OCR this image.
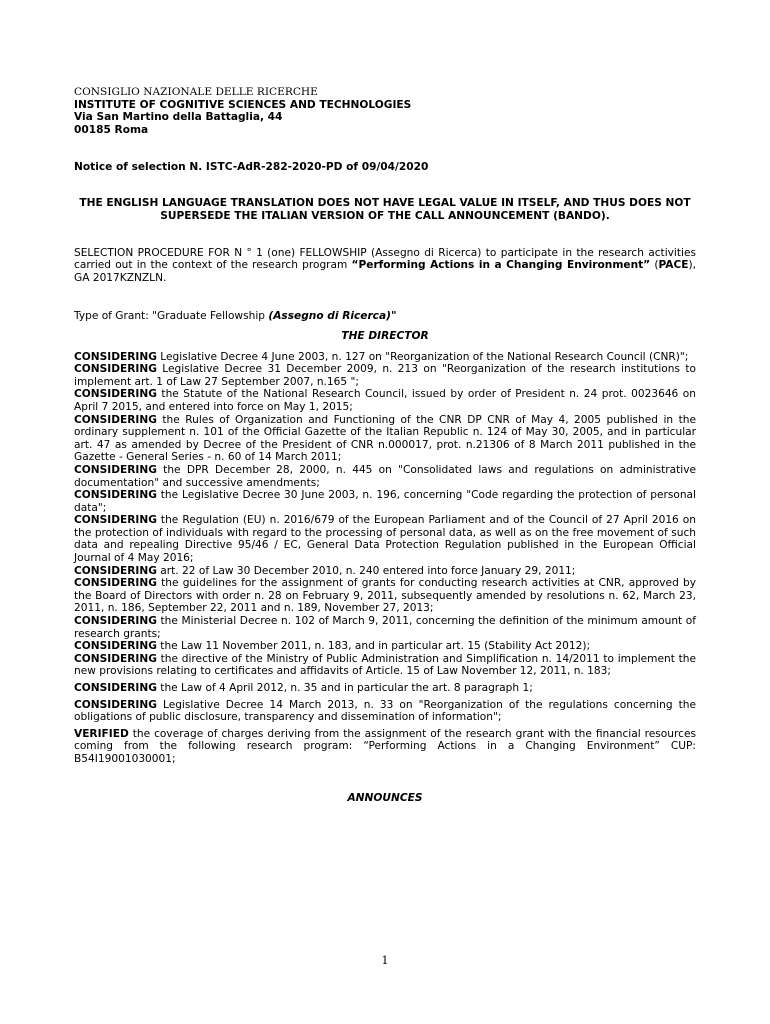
CONSIGLIO NAZIONALE DELLE RICERCHE
INSTITUTE OF COGNITIVE SCIENCES AND TECHNOLOGIES
Via San Martino della Battaglia, 44
00185 Roma
Notice of selection N. ISTC-AdR-282-2020-PD of 09/04/2020
THE ENGLISH LANGUAGE TRANSLATION DOES NOT HAVE LEGAL VALUE IN ITSELF, AND THUS DOES NOT SUPERSEDE THE ITALIAN VERSION OF THE CALL ANNOUNCEMENT (BANDO).
SELECTION PROCEDURE FOR N ° 1 (one) FELLOWSHIP (Assegno di Ricerca) to participate in the research activities carried out in the context of the research program “Performing Actions in a Changing Environment” (PACE), GA 2017KZNZLN.
Type of Grant: "Graduate Fellowship (Assegno di Ricerca)"
THE DIRECTOR

CONSIDERING Legislative Decree 4 June 2003, n. 127 on "Reorganization of the National Research Council (CNR)";

CONSIDERING Legislative Decree 31 December 2009, n. 213 on "Reorganization of the research institutions to implement art. 1 of Law 27 September 2007, n.165 ";

CONSIDERING the Statute of the National Research Council, issued by order of President n. 24 prot. 0023646 on April 7 2015, and entered into force on May 1, 2015;

CONSIDERING the Rules of Organization and Functioning of the CNR DP CNR of May 4, 2005 published in the ordinary supplement n. 101 of the Official Gazette of the Italian Republic n. 124 of May 30, 2005, and in particular art. 47 as amended by Decree of the President of CNR n.000017, prot. n.21306 of 8 March 2011 published in the Gazette - General Series - n. 60 of 14 March 2011;

CONSIDERING the DPR December 28, 2000, n. 445 on "Consolidated laws and regulations on administrative documentation" and successive amendments;

CONSIDERING the Legislative Decree 30 June 2003, n. 196, concerning "Code regarding the protection of personal data";

CONSIDERING the Regulation (EU) n. 2016/679 of the European Parliament and of the Council of 27 April 2016 on the protection of individuals with regard to the processing of personal data, as well as on the free movement of such data and repealing Directive 95/46 / EC, General Data Protection Regulation published in the European Official Journal of 4 May 2016;

CONSIDERING art. 22 of Law 30 December 2010, n. 240 entered into force January 29, 2011;

CONSIDERING the guidelines for the assignment of grants for conducting research activities at CNR, approved by the Board of Directors with order n. 28 on February 9, 2011, subsequently amended by resolutions n. 62, March 23, 2011, n. 186, September 22, 2011 and n. 189, November 27, 2013;

CONSIDERING the Ministerial Decree n. 102 of March 9, 2011, concerning the definition of the minimum amount of research grants;

CONSIDERING the Law 11 November 2011, n. 183, and in particular art. 15 (Stability Act 2012);

CONSIDERING the directive of the Ministry of Public Administration and Simplification n. 14/2011 to implement the new provisions relating to certificates and affidavits of Article. 15 of Law November 12, 2011, n. 183;

CONSIDERING the Law of 4 April 2012, n. 35 and in particular the art. 8 paragraph 1;

CONSIDERING Legislative Decree 14 March 2013, n. 33 on "Reorganization of the regulations concerning the obligations of public disclosure, transparency and dissemination of information";

VERIFIED the coverage of charges deriving from the assignment of the research grant with the financial resources coming from the following research program: “Performing Actions in a Changing Environment” CUP: B54I19001030001;

ANNOUNCES
1
